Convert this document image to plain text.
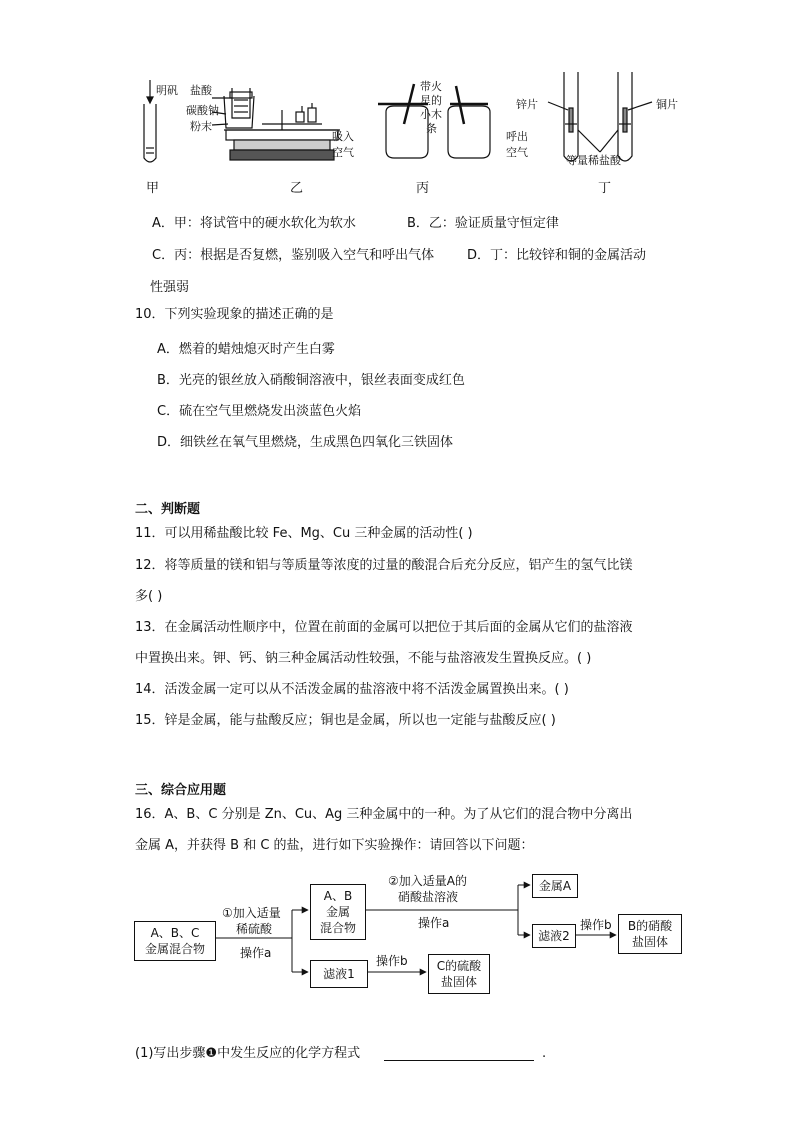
明矾 盐酸
碳酸钠
粉末
吸入
空气
带火
星的
小木
条
呼出
空气
锌片	铜片
等量稀盐酸
甲	乙	丙	丁
A．甲：将试管中的硬水软化为软水	B．乙：验证质量守恒定律
C．丙：根据是否复燃，鉴别吸入空气和呼出气体	D．丁：比较锌和铜的金属活动
性强弱
10．下列实验现象的描述正确的是
A．燃着的蜡烛熄灭时产生白雾
B．光亮的银丝放入硝酸铜溶液中，银丝表面变成红色
C．硫在空气里燃烧发出淡蓝色火焰
D．细铁丝在氧气里燃烧，生成黑色四氧化三铁固体
二、判断题
11．可以用稀盐酸比较 Fe、Mg、Cu 三种金属的活动性( )
12．将等质量的镁和铝与等质量等浓度的过量的酸混合后充分反应，铝产生的氢气比镁
多( )
13．在金属活动性顺序中，位置在前面的金属可以把位于其后面的金属从它们的盐溶液
中置换出来。钾、钙、钠三种金属活动性较强，不能与盐溶液发生置换反应。( )
14．活泼金属一定可以从不活泼金属的盐溶液中将不活泼金属置换出来。( )
15．锌是金属，能与盐酸反应；铜也是金属，所以也一定能与盐酸反应( )
三、综合应用题
16．A、B、C 分别是 Zn、Cu、Ag 三种金属中的一种。为了从它们的混合物中分离出
金属 A，并获得 B 和 C 的盐，进行如下实验操作：请回答以下问题：
A、B、C
金属混合物
①加入适量
稀硫酸
操作a
A、B
金属
混合物
②加入适量A的
硝酸盐溶液
操作a
金属A
滤液2
操作b B的硝酸
盐固体
滤液1
操作b C的硫酸
盐固体
(1)写出步骤❶中发生反应的化学方程式	.
